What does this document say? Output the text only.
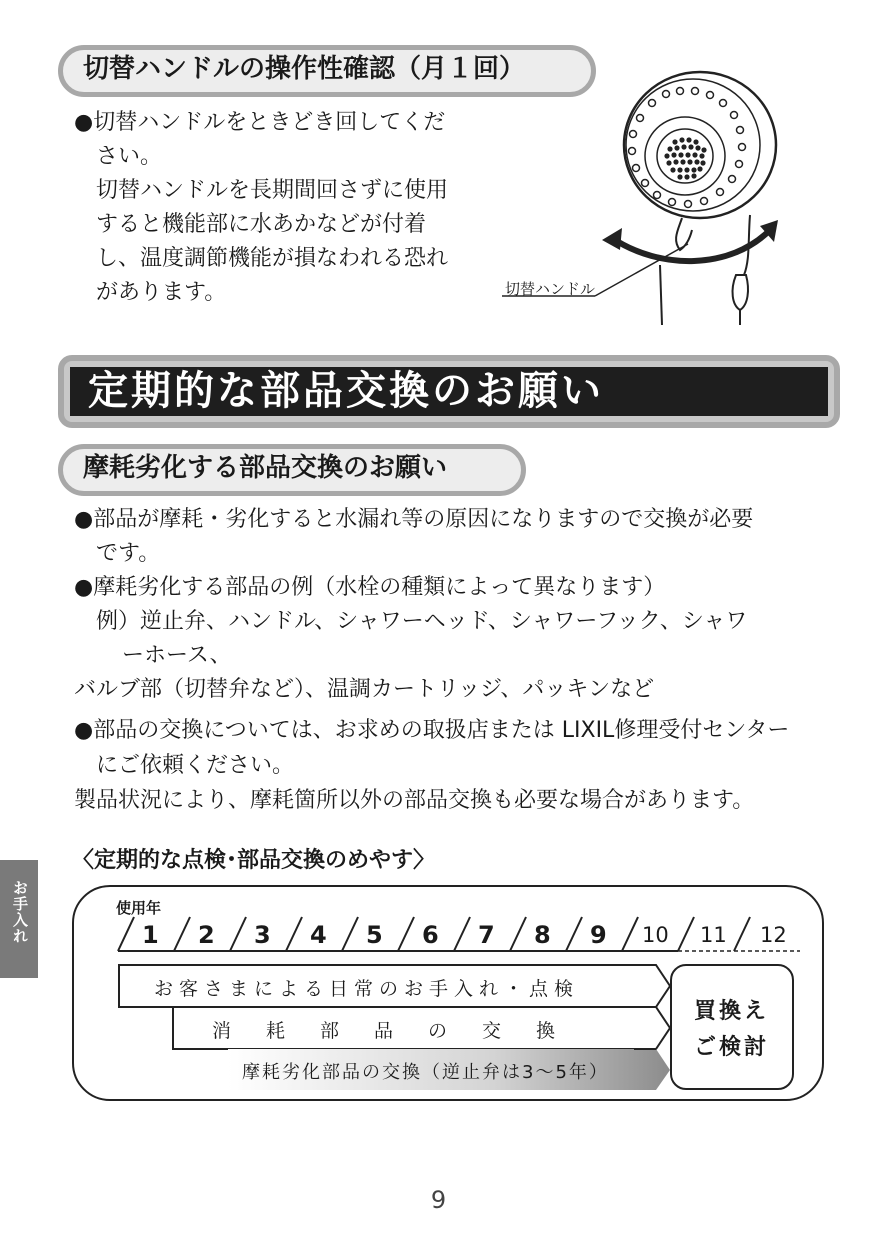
切替ハンドルの操作性確認（月１回）
●切替ハンドルをときどき回してくだ
さい。
切替ハンドルを長期間回さずに使用
すると機能部に水あかなどが付着
し、温度調節機能が損なわれる恐れ
があります。	切替ハンドル
定期的な部品交換のお願い
摩耗劣化する部品交換のお願い
●部品が摩耗・劣化すると水漏れ等の原因になりますので交換が必要
です。
●摩耗劣化する部品の例（水栓の種類によって異なります）
例）逆止弁、ハンドル、シャワーヘッド、シャワーフック、シャワ
ーホース、
バルブ部（切替弁など）、温調カートリッジ、パッキンなど
●部品の交換については、お求めの取扱店または LIXIL修理受付センター
にご依頼ください。
製品状況により、摩耗箇所以外の部品交換も必要な場合があります。
〈定期的な点検･部品交換のめやす〉
お手入れ	使用年
1 2 3 4 5 6 7 8 9 10 11 12
お客さまによる日常のお手入れ・点検
消　耗　部　品　の　交　換
摩耗劣化部品の交換（逆止弁は3〜5年）
買換え
ご検討
9
